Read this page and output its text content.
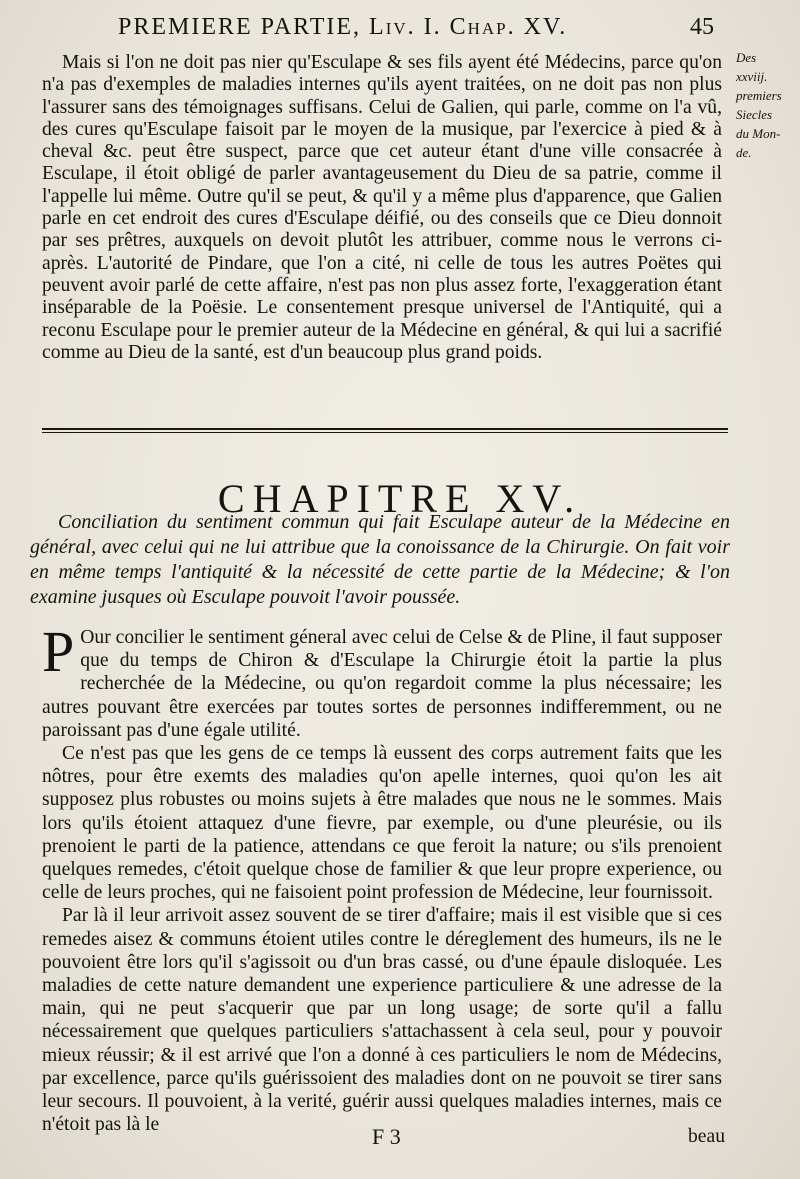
PREMIERE PARTIE, Liv. I. Chap. XV.	45
Des
xxviij.
premiers
Siecles
du Mon-
de.

Mais si l'on ne doit pas nier qu'Esculape & ses fils ayent été Médecins, parce qu'on n'a pas d'exemples de maladies internes qu'ils ayent traitées, on ne doit pas non plus l'assurer sans des témoignages suffisans. Celui de Galien, qui parle, comme on l'a vû, des cures qu'Esculape faisoit par le moyen de la musique, par l'exercice à pied & à cheval &c. peut être suspect, parce que cet auteur étant d'une ville consacrée à Esculape, il étoit obligé de parler avantageusement du Dieu de sa patrie, comme il l'appelle lui même. Outre qu'il se peut, & qu'il y a même plus d'apparence, que Galien parle en cet endroit des cures d'Esculape déifié, ou des conseils que ce Dieu donnoit par ses prêtres, auxquels on devoit plutôt les attribuer, comme nous le verrons ci-après. L'autorité de Pindare, que l'on a cité, ni celle de tous les autres Poëtes qui peuvent avoir parlé de cette affaire, n'est pas non plus assez forte, l'exaggeration étant inséparable de la Poësie. Le consentement presque universel de l'Antiquité, qui a reconu Esculape pour le premier auteur de la Médecine en général, & qui lui a sacrifié comme au Dieu de la santé, est d'un beaucoup plus grand poids.

CHAPITRE XV.
Conciliation du sentiment commun qui fait Esculape auteur de la Médecine en général, avec celui qui ne lui attribue que la conoissance de la Chirurgie. On fait voir en même temps l'antiquité & la nécessité de cette partie de la Médecine; & l'on examine jusques où Esculape pouvoit l'avoir poussée.

P Our concilier le sentiment géneral avec celui de Celse & de Pline, il faut supposer que du temps de Chiron & d'Esculape la Chirurgie étoit la partie la plus recherchée de la Médecine, ou qu'on regardoit comme la plus nécessaire; les autres pouvant être exercées par toutes sortes de personnes indifferemment, ou ne paroissant pas d'une égale utilité.

Ce n'est pas que les gens de ce temps là eussent des corps autrement faits que les nôtres, pour être exemts des maladies qu'on apelle internes, quoi qu'on les ait supposez plus robustes ou moins sujets à être malades que nous ne le sommes. Mais lors qu'ils étoient attaquez d'une fievre, par exemple, ou d'une pleurésie, ou ils prenoient le parti de la patience, attendans ce que feroit la nature; ou s'ils prenoient quelques remedes, c'étoit quelque chose de familier & que leur propre experience, ou celle de leurs proches, qui ne faisoient point profession de Médecine, leur fournissoit.

Par là il leur arrivoit assez souvent de se tirer d'affaire; mais il est visible que si ces remedes aisez & communs étoient utiles contre le déreglement des humeurs, ils ne le pouvoient être lors qu'il s'agissoit ou d'un bras cassé, ou d'une épaule disloquée. Les maladies de cette nature demandent une experience particuliere & une adresse de la main, qui ne peut s'acquerir que par un long usage; de sorte qu'il a fallu nécessairement que quelques particuliers s'attachassent à cela seul, pour y pouvoir mieux réussir; & il est arrivé que l'on a donné à ces particuliers le nom de Médecins, par excellence, parce qu'ils guérissoient des maladies dont on ne pouvoit se tirer sans leur secours. Il pouvoient, à la verité, guérir aussi quelques maladies internes, mais ce n'étoit pas là le	F 3	beau
